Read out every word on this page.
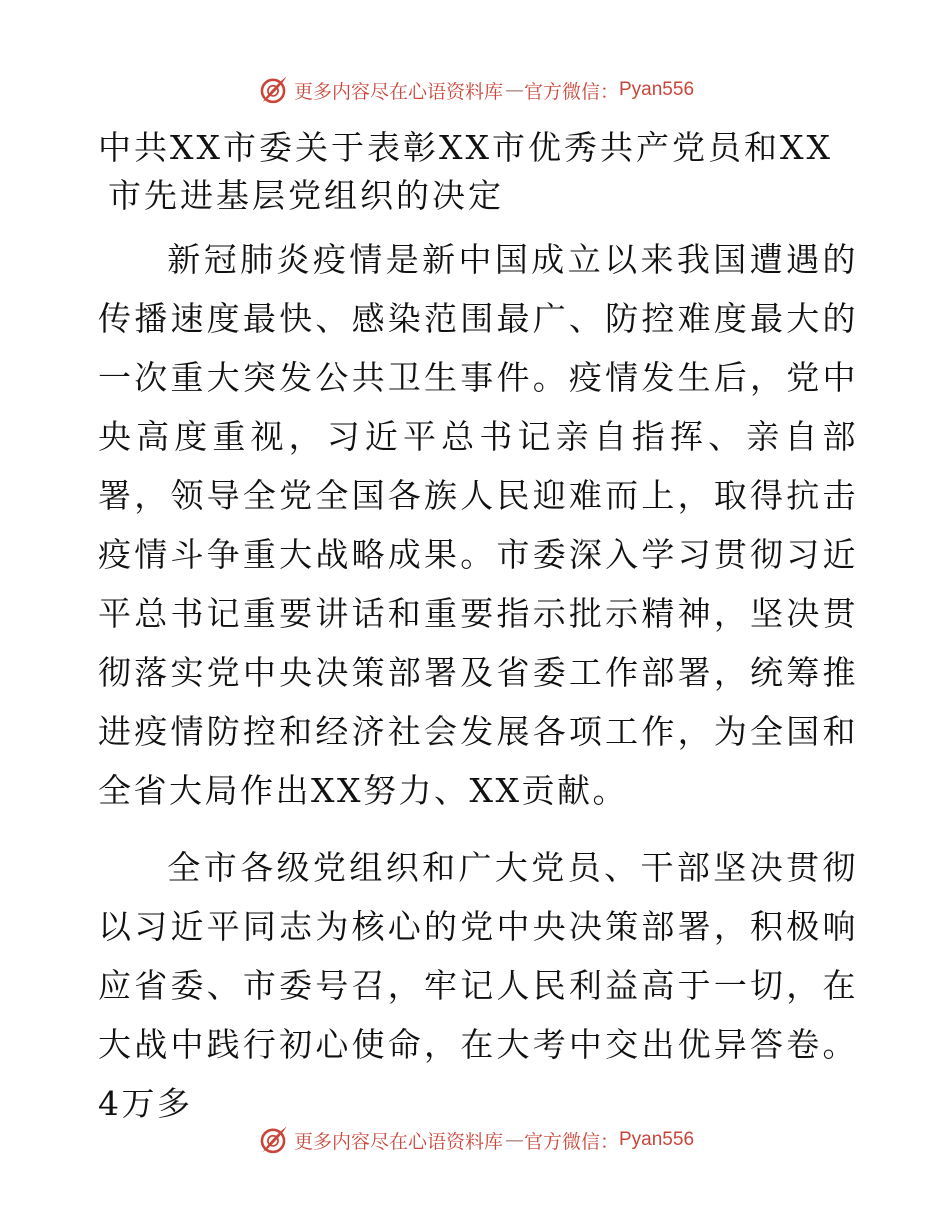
更多内容尽在心语资料库 — 官方微信： Pyan556
中共XX市委关于表彰XX市优秀共产党员和XX市先进基层党组织的决定

新冠肺炎疫情是新中国成立以来我国遭遇的传播速度最快、感染范围最广、防控难度最大的一次重大突发公共卫生事件。疫情发生后，党中央高度重视，习近平总书记亲自指挥、亲自部署，领导全党全国各族人民迎难而上，取得抗击疫情斗争重大战略成果。市委深入学习贯彻习近平总书记重要讲话和重要指示批示精神，坚决贯彻落实党中央决策部署及省委工作部署，统筹推进疫情防控和经济社会发展各项工作，为全国和全省大局作出XX努力、XX贡献。

全市各级党组织和广大党员、干部坚决贯彻以习近平同志为核心的党中央决策部署，积极响应省委、市委号召，牢记人民利益高于一切，在大战中践行初心使命，在大考中交出优异答卷。4万多

更多内容尽在心语资料库 — 官方微信： Pyan556
